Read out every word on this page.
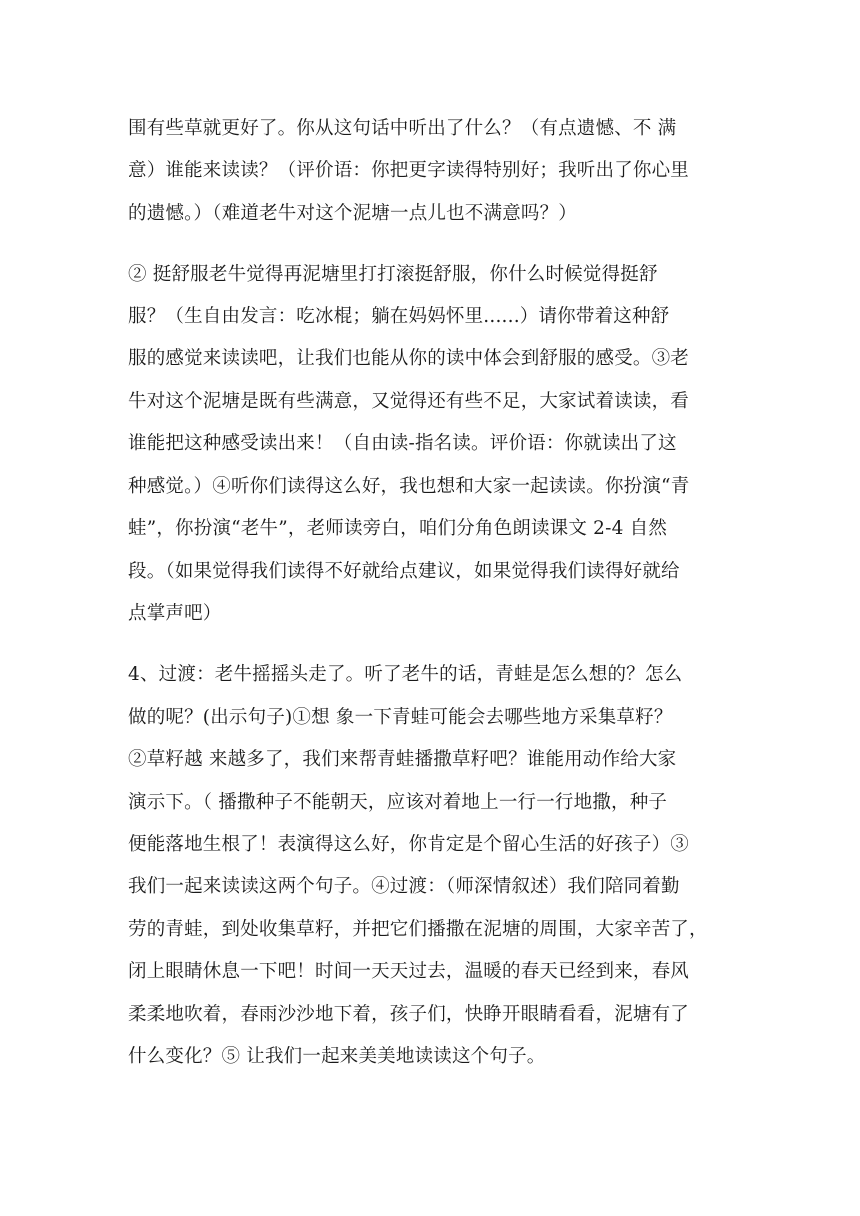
围有些草就更好了。你从这句话中听出了什么？（有点遗憾、不 满
意）谁能来读读？（评价语：你把更字读得特别好；我听出了你心里
的遗憾。）（难道老牛对这个泥塘一点儿也不满意吗？）
② 挺舒服老牛觉得再泥塘里打打滚挺舒服，你什么时候觉得挺舒
服？（生自由发言：吃冰棍；躺在妈妈怀里......）请你带着这种舒
服的感觉来读读吧，让我们也能从你的读中体会到舒服的感受。③老
牛对这个泥塘是既有些满意，又觉得还有些不足，大家试着读读，看
谁能把这种感受读出来！（自由读-指名读。评价语：你就读出了这
种感觉。）④听你们读得这么好，我也想和大家一起读读。你扮演“青
蛙”，你扮演“老牛”，老师读旁白，咱们分角色朗读课文 2-4 自然
段。（如果觉得我们读得不好就给点建议，如果觉得我们读得好就给
点掌声吧）
4、过渡：老牛摇摇头走了。听了老牛的话，青蛙是怎么想的？怎么
做的呢？(出示句子)①想 象一下青蛙可能会去哪些地方采集草籽？
②草籽越 来越多了，我们来帮青蛙播撒草籽吧？谁能用动作给大家
演示下。（ 播撒种子不能朝天，应该对着地上一行一行地撒，种子
便能落地生根了！表演得这么好，你肯定是个留心生活的好孩子）③
我们一起来读读这两个句子。④过渡：（师深情叙述）我们陪同着勤
劳的青蛙，到处收集草籽，并把它们播撒在泥塘的周围，大家辛苦了，
闭上眼睛休息一下吧！时间一天天过去，温暖的春天已经到来，春风
柔柔地吹着，春雨沙沙地下着，孩子们，快睁开眼睛看看，泥塘有了
什么变化？⑤ 让我们一起来美美地读读这个句子。
